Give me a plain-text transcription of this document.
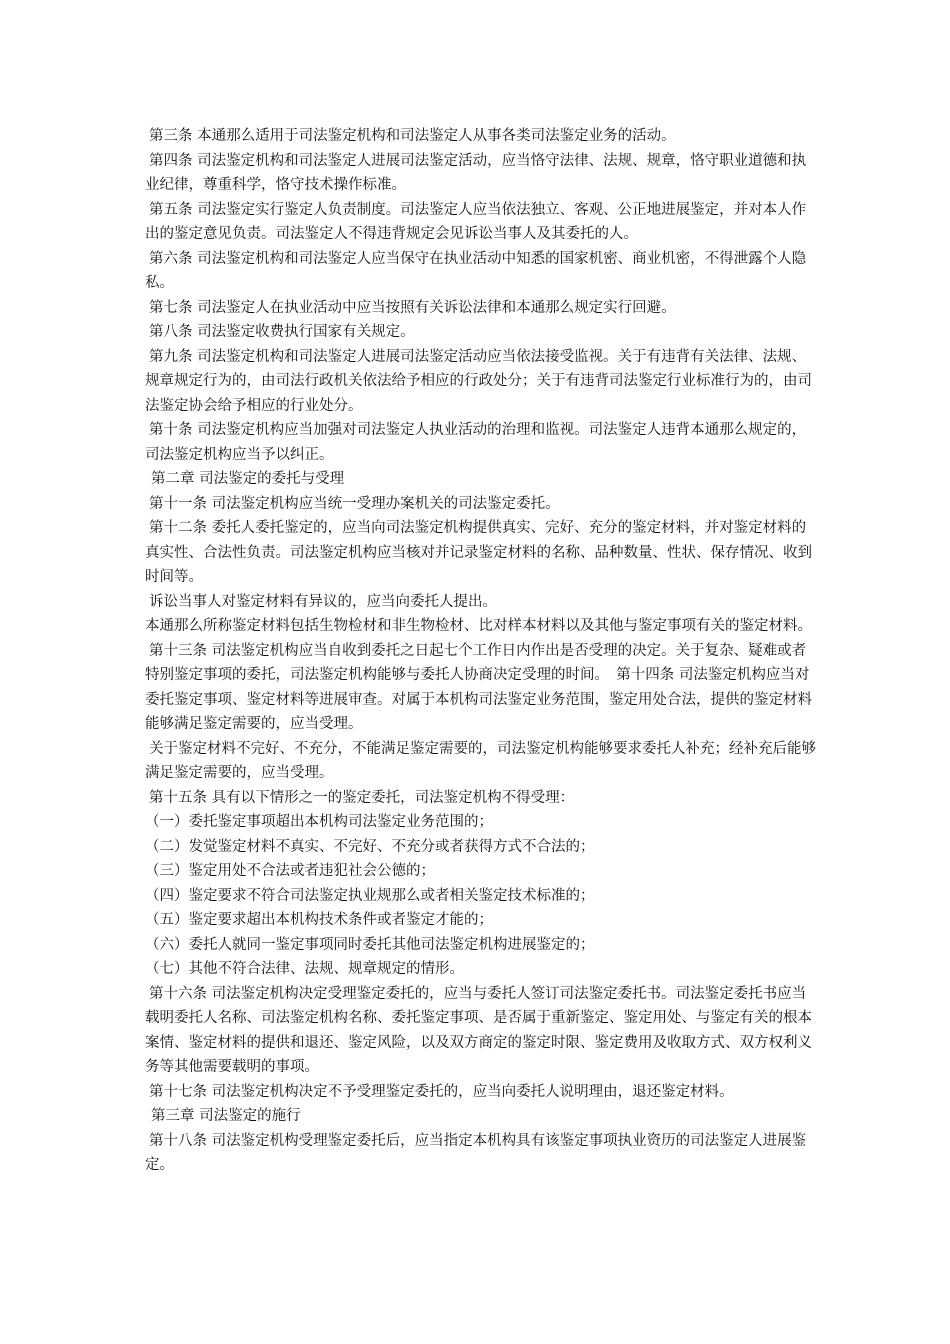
第三条 本通那么适用于司法鉴定机构和司法鉴定人从事各类司法鉴定业务的活动。

第四条 司法鉴定机构和司法鉴定人进展司法鉴定活动，应当恪守法律、法规、规章，恪守职业道德和执业纪律，尊重科学，恪守技术操作标准。

第五条 司法鉴定实行鉴定人负责制度。司法鉴定人应当依法独立、客观、公正地进展鉴定，并对本人作出的鉴定意见负责。司法鉴定人不得违背规定会见诉讼当事人及其委托的人。

第六条 司法鉴定机构和司法鉴定人应当保守在执业活动中知悉的国家机密、商业机密，不得泄露个人隐私。

第七条 司法鉴定人在执业活动中应当按照有关诉讼法律和本通那么规定实行回避。

第八条 司法鉴定收费执行国家有关规定。

第九条 司法鉴定机构和司法鉴定人进展司法鉴定活动应当依法接受监视。关于有违背有关法律、法规、规章规定行为的，由司法行政机关依法给予相应的行政处分；关于有违背司法鉴定行业标准行为的，由司法鉴定协会给予相应的行业处分。

第十条 司法鉴定机构应当加强对司法鉴定人执业活动的治理和监视。司法鉴定人违背本通那么规定的，司法鉴定机构应当予以纠正。

第二章 司法鉴定的委托与受理

第十一条 司法鉴定机构应当统一受理办案机关的司法鉴定委托。

第十二条 委托人委托鉴定的，应当向司法鉴定机构提供真实、完好、充分的鉴定材料，并对鉴定材料的真实性、合法性负责。司法鉴定机构应当核对并记录鉴定材料的名称、品种数量、性状、保存情况、收到时间等。

诉讼当事人对鉴定材料有异议的，应当向委托人提出。

本通那么所称鉴定材料包括生物检材和非生物检材、比对样本材料以及其他与鉴定事项有关的鉴定材料。

第十三条 司法鉴定机构应当自收到委托之日起七个工作日内作出是否受理的决定。关于复杂、疑难或者特别鉴定事项的委托，司法鉴定机构能够与委托人协商决定受理的时间。　第十四条 司法鉴定机构应当对委托鉴定事项、鉴定材料等进展审查。对属于本机构司法鉴定业务范围，鉴定用处合法，提供的鉴定材料能够满足鉴定需要的，应当受理。

关于鉴定材料不完好、不充分，不能满足鉴定需要的，司法鉴定机构能够要求委托人补充；经补充后能够满足鉴定需要的，应当受理。

第十五条 具有以下情形之一的鉴定委托，司法鉴定机构不得受理：

（一）委托鉴定事项超出本机构司法鉴定业务范围的；

（二）发觉鉴定材料不真实、不完好、不充分或者获得方式不合法的；

（三）鉴定用处不合法或者违犯社会公德的；

（四）鉴定要求不符合司法鉴定执业规那么或者相关鉴定技术标准的；

（五）鉴定要求超出本机构技术条件或者鉴定才能的；

（六）委托人就同一鉴定事项同时委托其他司法鉴定机构进展鉴定的；

（七）其他不符合法律、法规、规章规定的情形。

第十六条 司法鉴定机构决定受理鉴定委托的，应当与委托人签订司法鉴定委托书。司法鉴定委托书应当载明委托人名称、司法鉴定机构名称、委托鉴定事项、是否属于重新鉴定、鉴定用处、与鉴定有关的根本案情、鉴定材料的提供和退还、鉴定风险，以及双方商定的鉴定时限、鉴定费用及收取方式、双方权利义务等其他需要载明的事项。

第十七条 司法鉴定机构决定不予受理鉴定委托的，应当向委托人说明理由，退还鉴定材料。

第三章 司法鉴定的施行

第十八条 司法鉴定机构受理鉴定委托后，应当指定本机构具有该鉴定事项执业资历的司法鉴定人进展鉴定。
